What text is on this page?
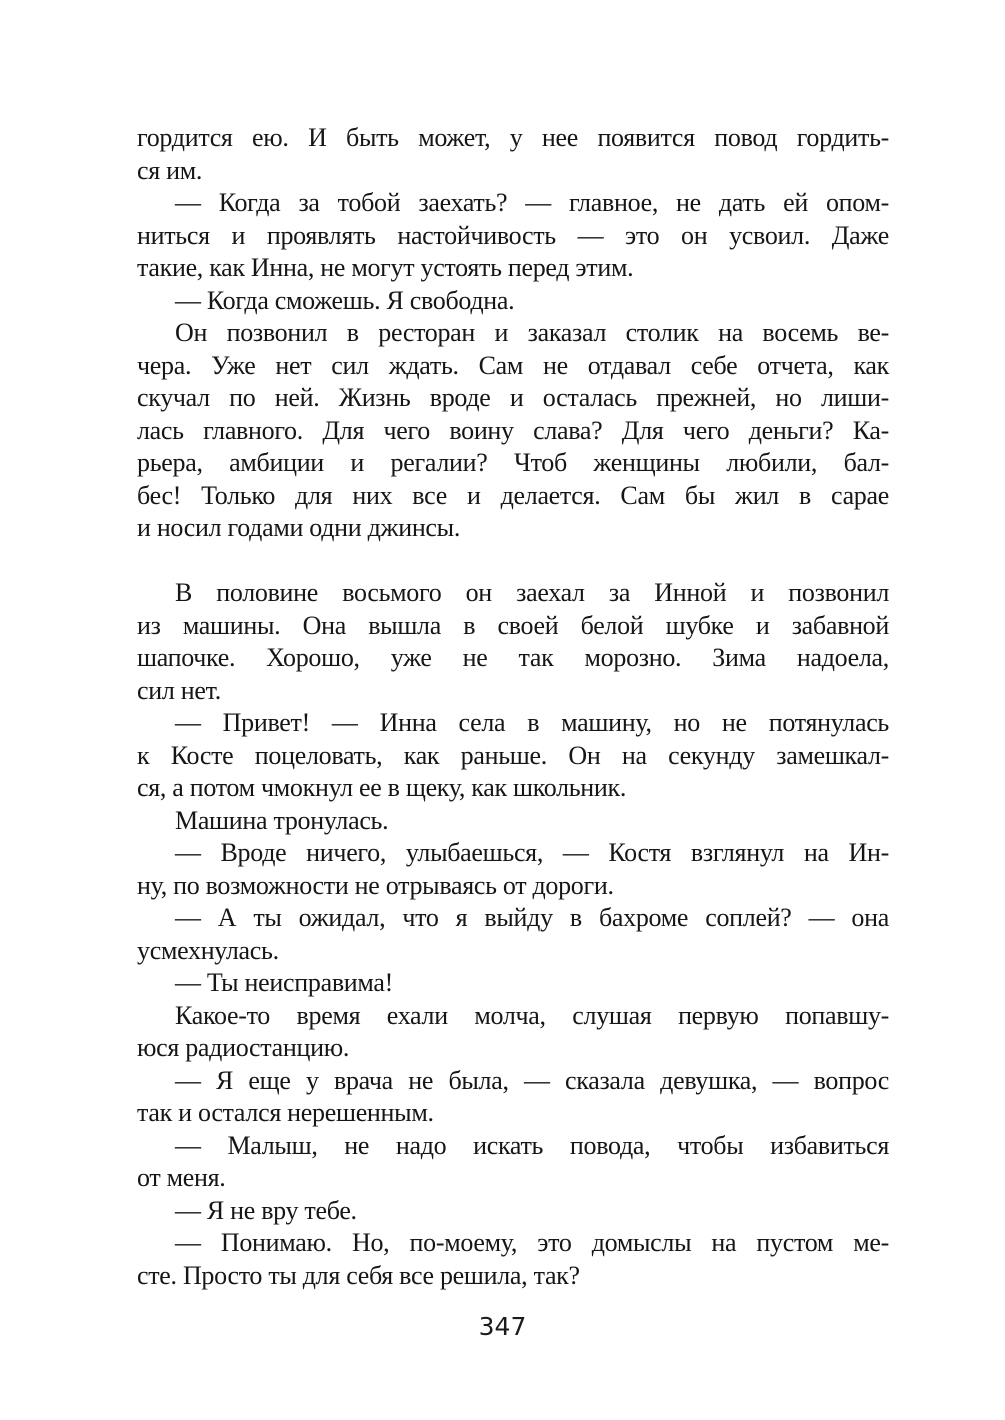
гордится ею. И быть может, у нее появится повод гордить-
ся им.
— Когда за тобой заехать? — главное, не дать ей опом-
ниться и проявлять настойчивость — это он усвоил. Даже
такие, как Инна, не могут устоять перед этим.
— Когда сможешь. Я свободна.
Он позвонил в ресторан и заказал столик на восемь ве-
чера. Уже нет сил ждать. Сам не отдавал себе отчета, как
скучал по ней. Жизнь вроде и осталась прежней, но лиши-
лась главного. Для чего воину слава? Для чего деньги? Ка-
рьера, амбиции и регалии? Чтоб женщины любили, бал-
бес! Только для них все и делается. Сам бы жил в сарае
и носил годами одни джинсы.
В половине восьмого он заехал за Инной и позвонил
из машины. Она вышла в своей белой шубке и забавной
шапочке. Хорошо, уже не так морозно. Зима надоела,
сил нет.
— Привет! — Инна села в машину, но не потянулась
к Косте поцеловать, как раньше. Он на секунду замешкал-
ся, а потом чмокнул ее в щеку, как школьник.
Машина тронулась.
— Вроде ничего, улыбаешься, — Костя взглянул на Ин-
ну, по возможности не отрываясь от дороги.
— А ты ожидал, что я выйду в бахроме соплей? — она
усмехнулась.
— Ты неисправима!
Какое-то время ехали молча, слушая первую попавшу-
юся радиостанцию.
— Я еще у врача не была, — сказала девушка, — вопрос
так и остался нерешенным.
— Малыш, не надо искать повода, чтобы избавиться
от меня.
— Я не вру тебе.
— Понимаю. Но, по-моему, это домыслы на пустом ме-
сте. Просто ты для себя все решила, так?
347
